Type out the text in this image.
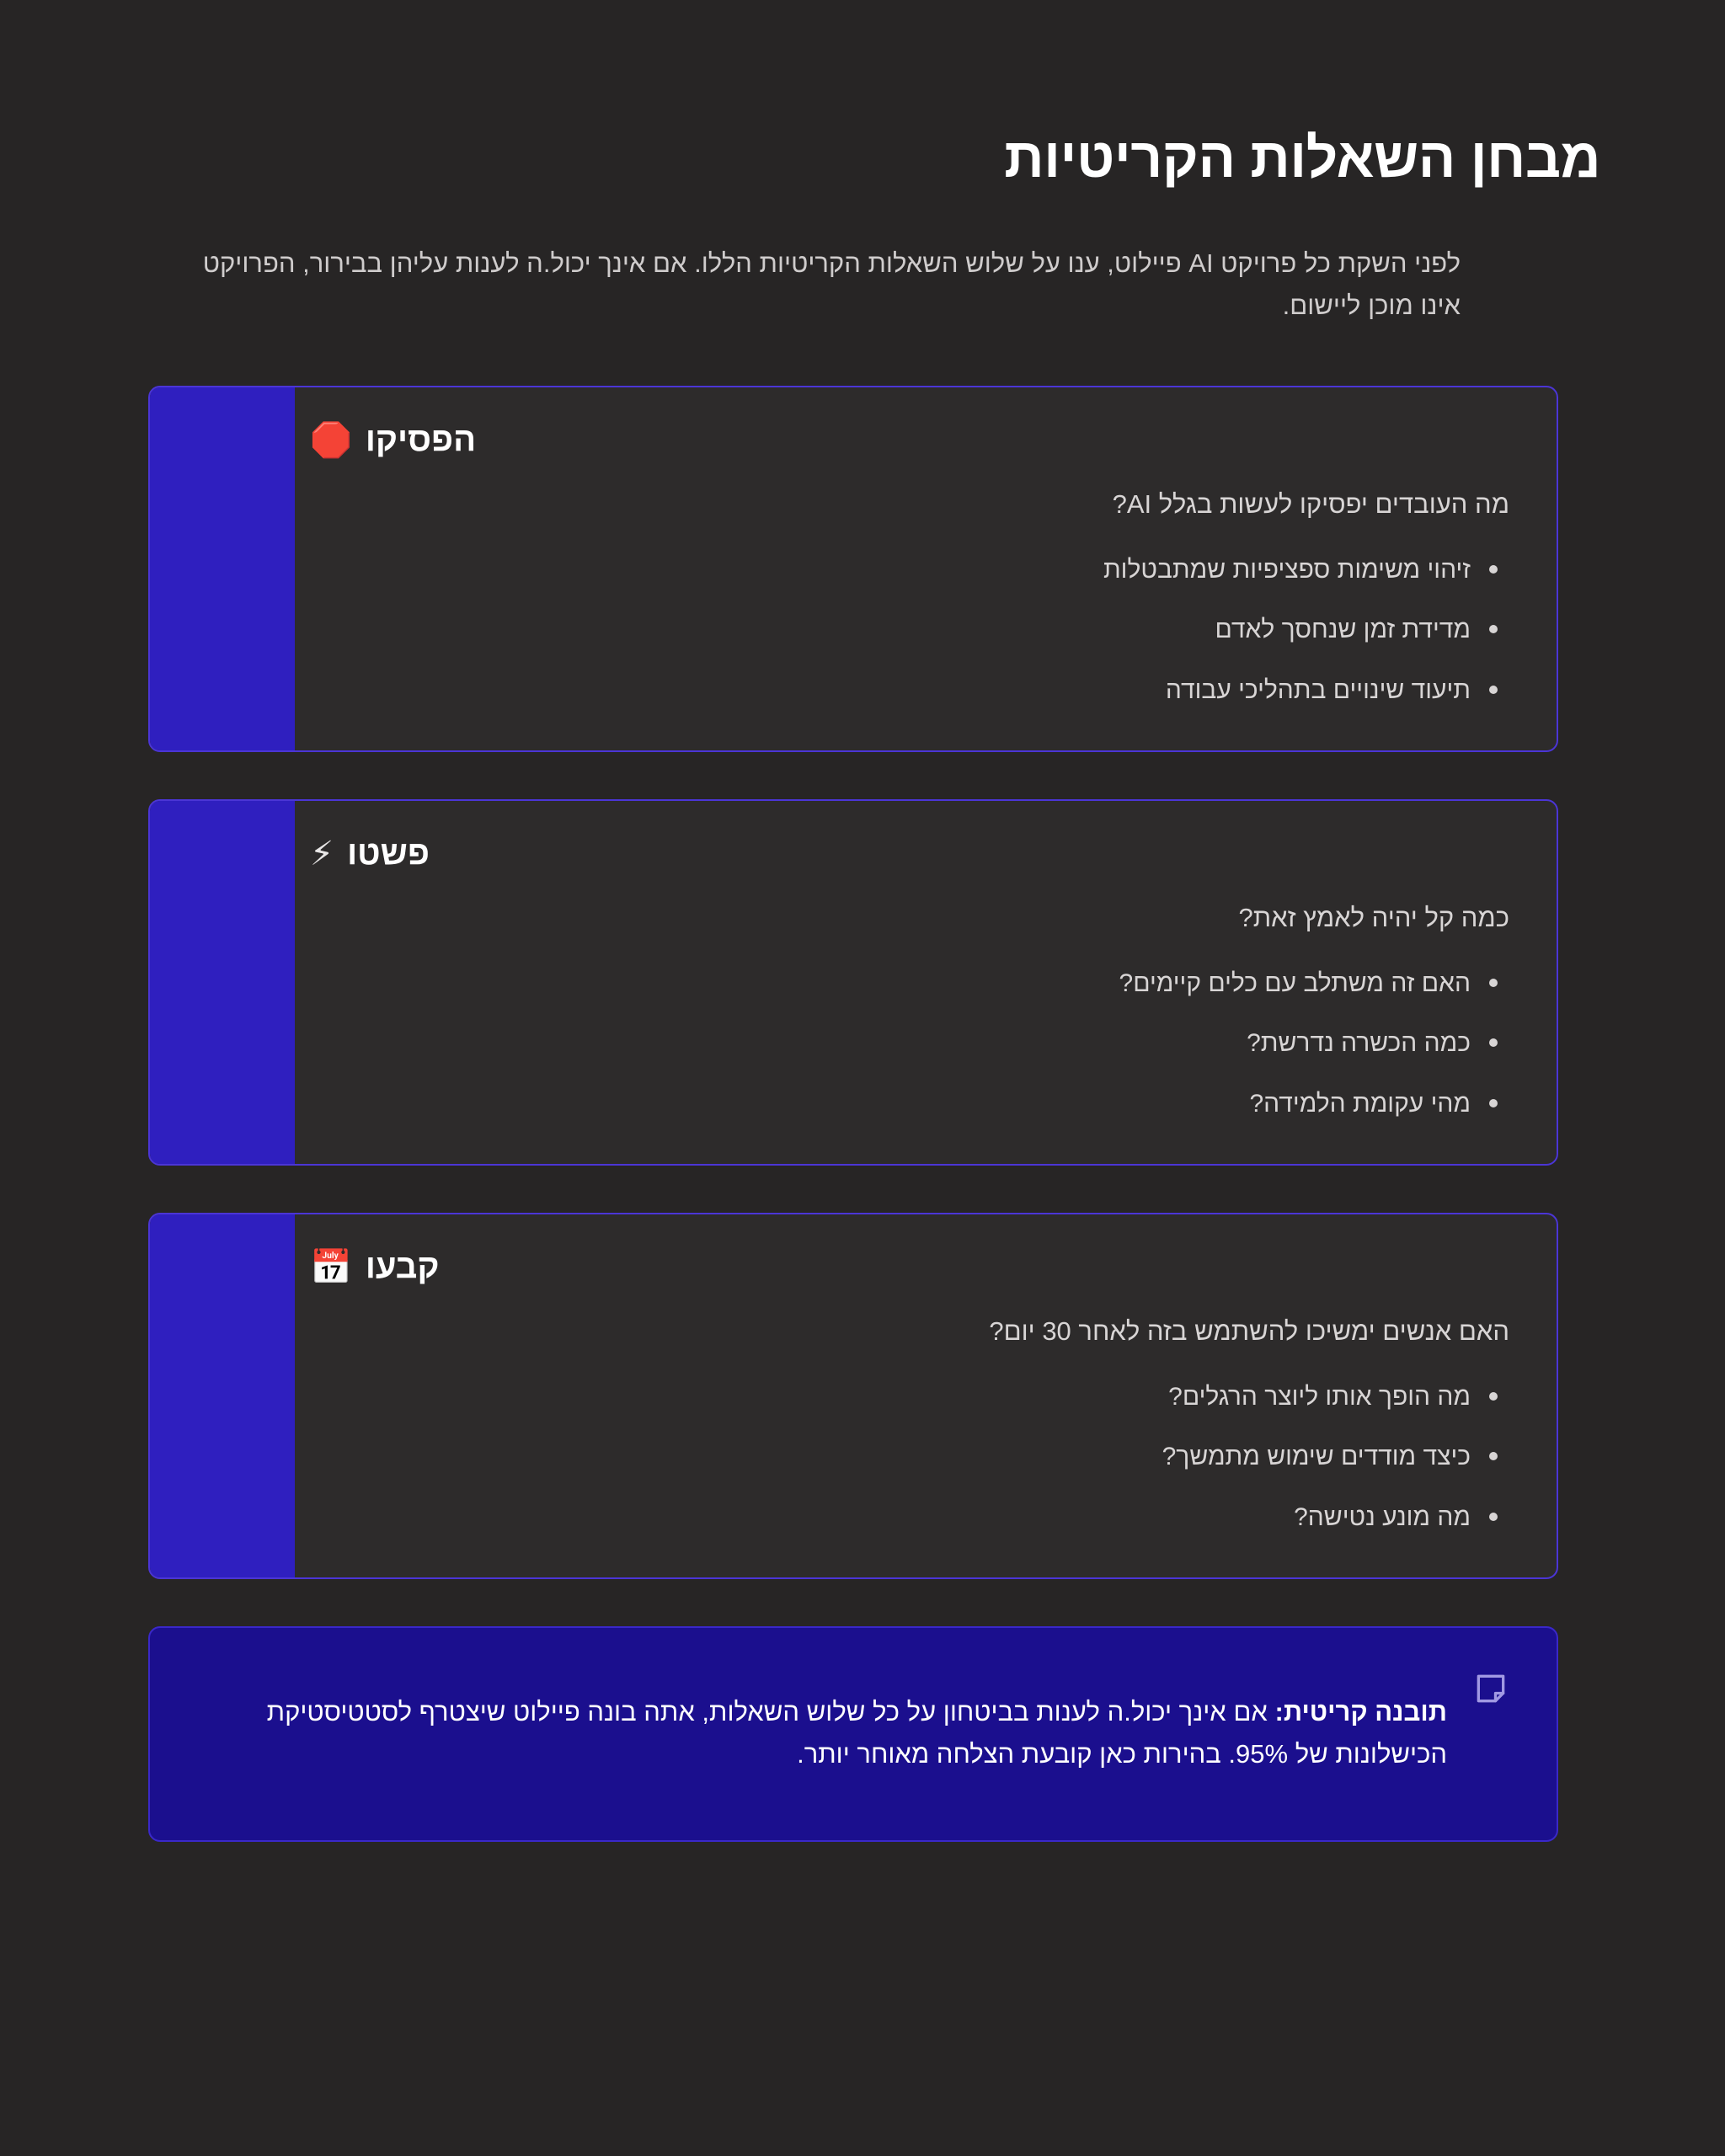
מבחן השאלות הקריטיות

לפני השקת כל פרויקט AI פיילוט, ענו על שלוש השאלות הקריטיות הללו. אם אינך יכול.ה לענות עליהן בבירור, הפרויקט אינו מוכן ליישום.

🛑 הפסיקו

מה העובדים יפסיקו לעשות בגלל AI?

זיהוי משימות ספציפיות שמתבטלות
מדידת זמן שנחסך לאדם
תיעוד שינויים בתהליכי עבודה
⚡ פשטו

כמה קל יהיה לאמץ זאת?

האם זה משתלב עם כלים קיימים?
כמה הכשרה נדרשת?
מהי עקומת הלמידה?
📅 קבעו

האם אנשים ימשיכו להשתמש בזה לאחר 30 יום?

מה הופך אותו ליוצר הרגלים?
כיצד מודדים שימוש מתמשך?
מה מונע נטישה?

תובנה קריטית: אם אינך יכול.ה לענות בביטחון על כל שלוש השאלות, אתה בונה פיילוט שיצטרף לסטטיסטיקת הכישלונות של 95%. בהירות כאן קובעת הצלחה מאוחר יותר.
